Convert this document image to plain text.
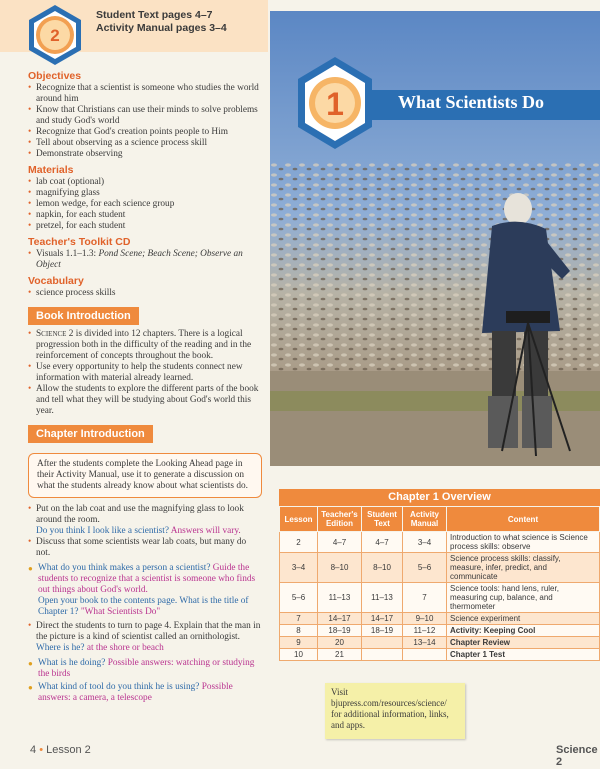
2
Student Text pages 4–7
Activity Manual pages 3–4
Objectives
• Recognize that a scientist is someone who studies the world around him
• Know that Christians can use their minds to solve problems and study God's world
• Recognize that God's creation points people to Him
• Tell about observing as a science process skill
• Demonstrate observing
Materials
• lab coat (optional)
• magnifying glass
• lemon wedge, for each science group
• napkin, for each student
• pretzel, for each student
Teacher's Toolkit CD
• Visuals 1.1–1.3: Pond Scene; Beach Scene; Observe an Object
Vocabulary
• science process skills
Book Introduction
• Science 2 is divided into 12 chapters. There is a logical progression both in the difficulty of the reading and in the reinforcement of concepts throughout the book.
• Use every opportunity to help the students connect new information with material already learned.
• Allow the students to explore the different parts of the book and tell what they will be studying about God's world this year.
Chapter Introduction
After the students complete the Looking Ahead page in their Activity Manual, use it to generate a discussion on what the students already know about what scientists do.
• Put on the lab coat and use the magnifying glass to look around the room.
Do you think I look like a scientist? Answers will vary.
• Discuss that some scientists wear lab coats, but many do not.
● What do you think makes a person a scientist? Guide the students to recognize that a scientist is someone who finds out things about God's world.
Open your book to the contents page. What is the title of Chapter 1? "What Scientists Do"
• Direct the students to turn to page 4. Explain that the man in the picture is a kind of scientist called an ornithologist.
Where is he? at the shore or beach
● What is he doing? Possible answers: watching or studying the birds
● What kind of tool do you think he is using? Possible answers: a camera, a telescope
1	What Scientists Do
Chapter 1 Overview
Lesson	Teacher's Edition	Student Text	Activity Manual	Content
2	4–7	4–7	3–4	Introduction to what science is Science process skills: observe
3–4	8–10	8–10	5–6	Science process skills: classify, measure, infer, predict, and communicate
5–6	11–13	11–13	7	Science tools: hand lens, ruler, measuring cup, balance, and thermometer
7	14–17	14–17	9–10	Science experiment
8	18–19	18–19	11–12	Activity: Keeping Cool
9	20		13–14	Chapter Review
10	21			Chapter 1 Test
Visit bjupress.com/resources/science/ for additional information, links, and apps.
4 • Lesson 2	Science 2
